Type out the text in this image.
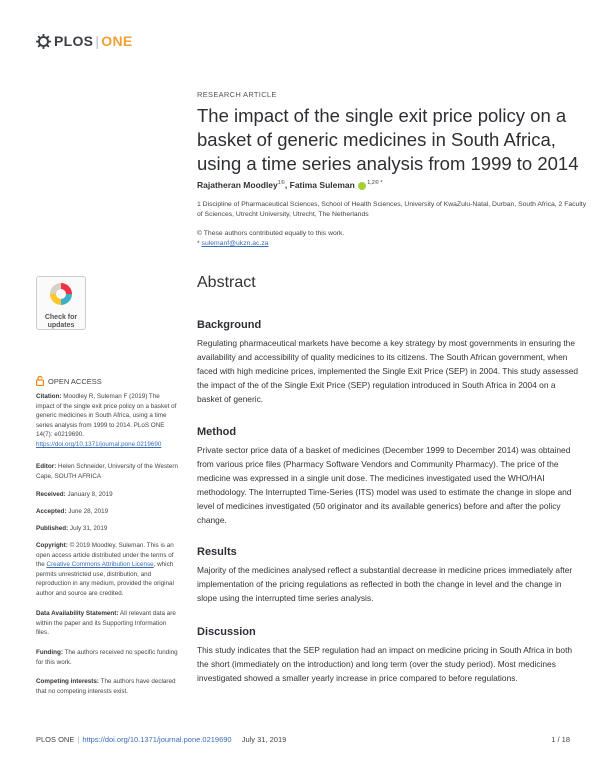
PLOS | ONE
RESEARCH ARTICLE
The impact of the single exit price policy on a basket of generic medicines in South Africa, using a time series analysis from 1999 to 2014
Rajatheran Moodley$^{1©}$, Fatima Suleman $^{1,2© *}$
1 Discipline of Pharmaceutical Sciences, School of Health Sciences, University of KwaZulu-Natal, Durban, South Africa, 2 Faculty of Sciences, Utrecht University, Utrecht, The Netherlands
© These authors contributed equally to this work.
* sulemanf@ukzn.ac.za
Check for
updates
Abstract
Background
Regulating pharmaceutical markets have become a key strategy by most governments in ensuring the availability and accessibility of quality medicines to its citizens. The South African government, when faced with high medicine prices, implemented the Single Exit Price (SEP) in 2004. This study assessed the impact of the of the Single Exit Price (SEP) regulation introduced in South Africa in 2004 on a basket of generic.
Method
Private sector price data of a basket of medicines (December 1999 to December 2014) was obtained from various price files (Pharmacy Software Vendors and Community Pharmacy). The price of the medicine was expressed in a single unit dose. The medicines investigated used the WHO/HAI methodology. The Interrupted Time-Series (ITS) model was used to estimate the change in slope and level of medicines investigated (50 originator and its available generics) before and after the policy change.
Results
Majority of the medicines analysed reflect a substantial decrease in medicine prices immediately after implementation of the pricing regulations as reflected in both the change in level and the change in slope using the interrupted time series analysis.
Discussion
This study indicates that the SEP regulation had an impact on medicine pricing in South Africa in both the short (immediately on the introduction) and long term (over the study period). Most medicines investigated showed a smaller yearly increase in price compared to before regulations.
OPEN ACCESS
Citation: Moodley R, Suleman F (2019) The impact of the single exit price policy on a basket of generic medicines in South Africa, using a time series analysis from 1999 to 2014. PLoS ONE 14(7): e0219690. https://doi.org/10.1371/journal.pone.0219690
Editor: Helen Schneider, University of the Western Cape, SOUTH AFRICA
Received: January 8, 2019
Accepted: June 28, 2019
Published: July 31, 2019
Copyright: © 2019 Moodley, Suleman. This is an open access article distributed under the terms of the Creative Commons Attribution License, which permits unrestricted use, distribution, and reproduction in any medium, provided the original author and source are credited.
Data Availability Statement: All relevant data are within the paper and its Supporting Information files.
Funding: The authors received no specific funding for this work.
Competing interests: The authors have declared that no competing interests exist.
PLOS ONE | https://doi.org/10.1371/journal.pone.0219690 July 31, 2019	1 / 18
